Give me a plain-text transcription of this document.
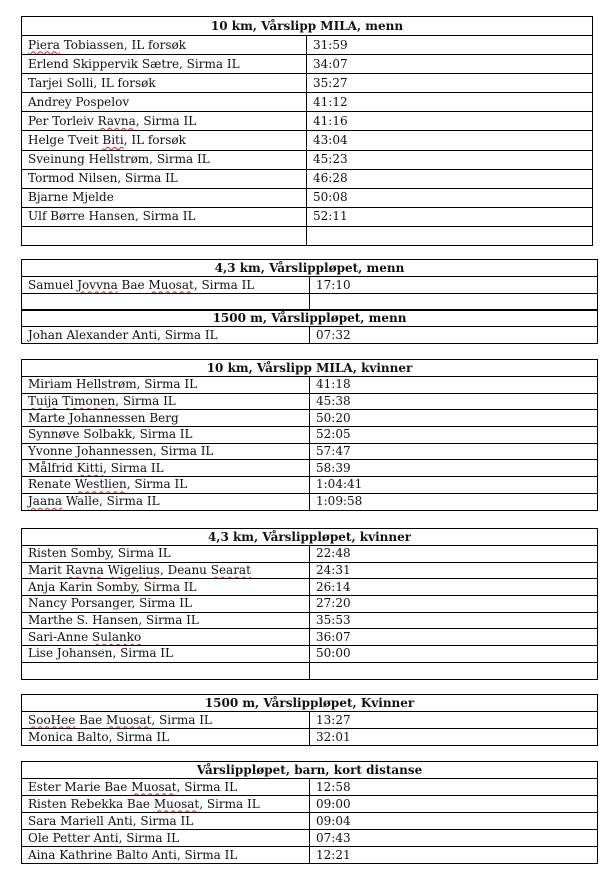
10 km, Vårslipp MILA, menn	
Piera Tobiassen, IL forsøk	31:59
Erlend Skippervik Sætre, Sirma IL	34:07
Tarjei Solli, IL forsøk	35:27
Andrey Pospelov	41:12
Per Torleiv Ravna, Sirma IL	41:16
Helge Tveit Biti, IL forsøk	43:04
Sveinung Hellstrøm, Sirma IL	45:23
Tormod Nilsen, Sirma IL	46:28
Bjarne Mjelde	50:08
Ulf Børre Hansen, Sirma IL	52:11

4,3 km, Vårslippløpet, menn	
Samuel Jovvna Bae Muosat, Sirma IL	17:10

1500 m, Vårslippløpet, menn
Johan Alexander Anti, Sirma IL	07:32
10 km, Vårslipp MILA, kvinner	
Miriam Hellstrøm, Sirma IL	41:18
Tuija Timonen, Sirma IL	45:38
Marte Johannessen Berg	50:20
Synnøve Solbakk, Sirma IL	52:05
Yvonne Johannessen, Sirma IL	57:47
Målfrid Kitti, Sirma IL	58:39
Renate Westlien, Sirma IL	1:04:41
Jaana Walle, Sirma IL	1:09:58
4,3 km, Vårslippløpet, kvinner	
Risten Somby, Sirma IL	22:48
Marit Ravna Wigelius, Deanu Searat	24:31
Anja Karin Somby, Sirma IL	26:14
Nancy Porsanger, Sirma IL	27:20
Marthe S. Hansen, Sirma IL	35:53
Sari-Anne Sulanko	36:07
Lise Johansen, Sirma IL	50:00

1500 m, Vårslippløpet, Kvinner	
SooHee Bae Muosat, Sirma IL	13:27
Monica Balto, Sirma IL	32:01
Vårslippløpet, barn, kort distanse	
Ester Marie Bae Muosat, Sirma IL	12:58
Risten Rebekka Bae Muosat, Sirma IL	09:00
Sara Mariell Anti, Sirma IL	09:04
Ole Petter Anti, Sirma IL	07:43
Aina Kathrine Balto Anti, Sirma IL	12:21
